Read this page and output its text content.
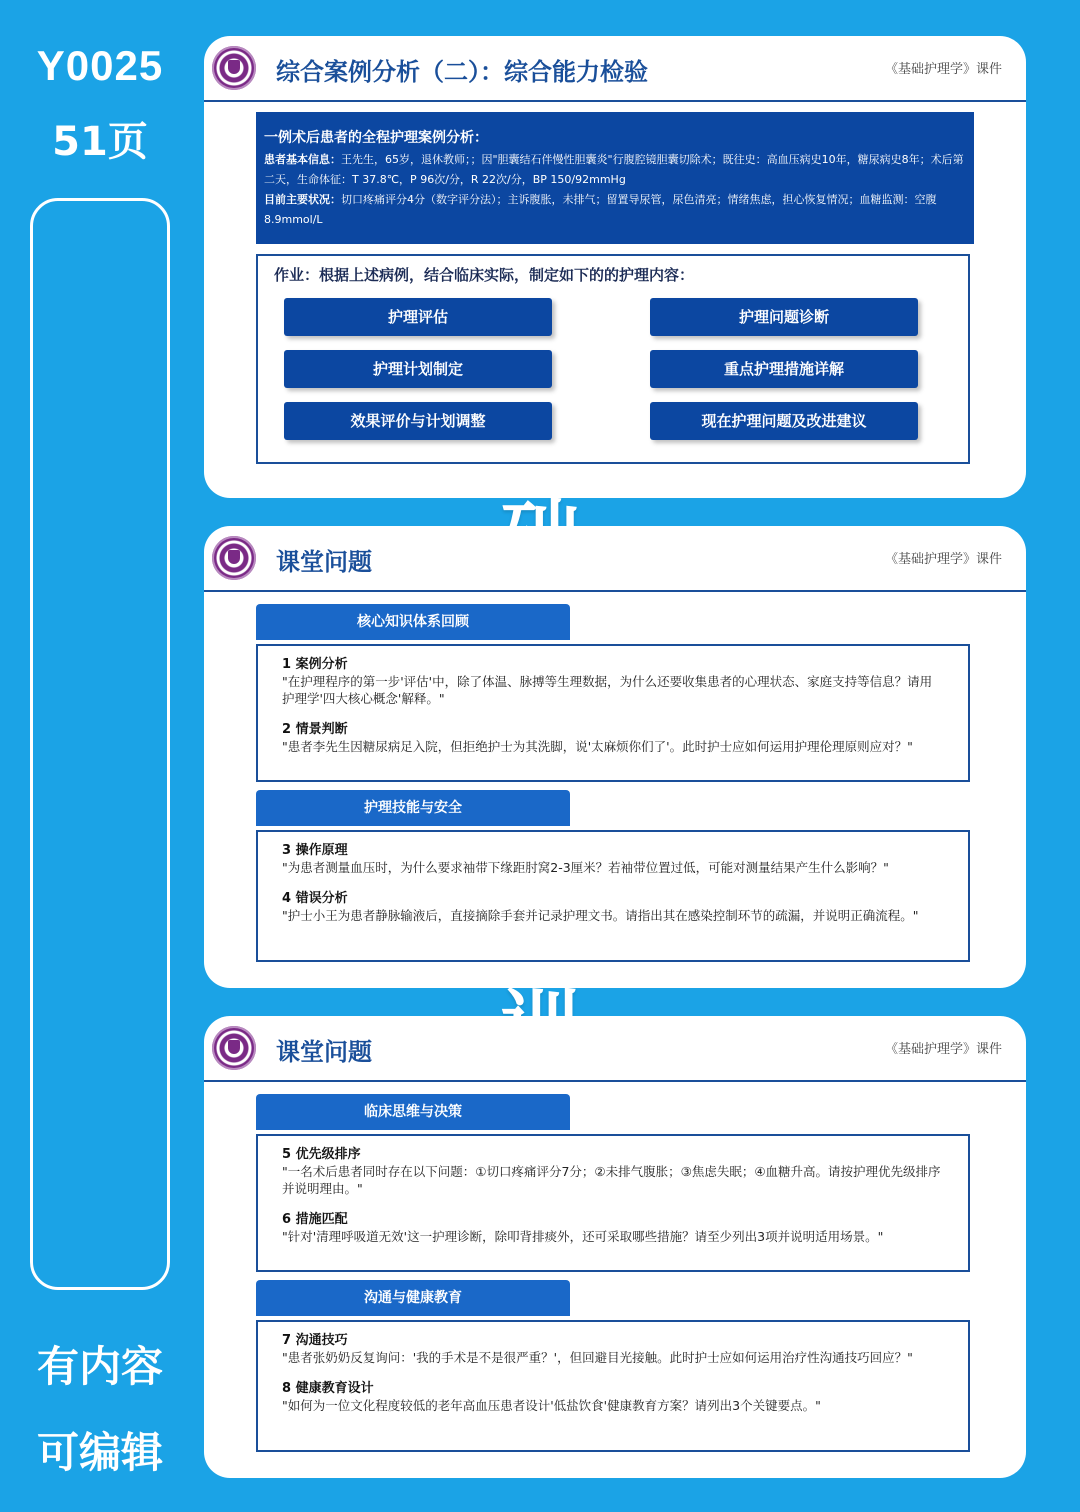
Y0025
51页
有内容
可编辑
综合案例分析（二）：综合能力检验	《基础护理学》课件
一例术后患者的全程护理案例分析：
患者基本信息：王先生，65岁，退休教师；；因"胆囊结石伴慢性胆囊炎"行腹腔镜胆囊切除术；既往史：高血压病史10年，糖尿病史8年；术后第二天，生命体征：T 37.8℃，P 96次/分，R 22次/分，BP 150/92mmHg
目前主要状况：切口疼痛评分4分（数字评分法）；主诉腹胀，未排气；留置导尿管，尿色清亮；情绪焦虑，担心恢复情况；血糖监测：空腹8.9mmol/L
作业：根据上述病例，结合临床实际，制定如下的的护理内容：
护理评估	护理问题诊断
护理计划制定	重点护理措施详解
效果评价与计划调整	现在护理问题及改进建议
课堂问题	《基础护理学》课件
核心知识体系回顾
1 案例分析
"在护理程序的第一步'评估'中，除了体温、脉搏等生理数据，为什么还要收集患者的心理状态、家庭支持等信息？请用护理学'四大核心概念'解释。"
2 情景判断
"患者李先生因糖尿病足入院，但拒绝护士为其洗脚，说'太麻烦你们了'。此时护士应如何运用护理伦理原则应对？"
护理技能与安全
3 操作原理
"为患者测量血压时，为什么要求袖带下缘距肘窝2-3厘米？若袖带位置过低，可能对测量结果产生什么影响？"
4 错误分析
"护士小王为患者静脉输液后，直接摘除手套并记录护理文书。请指出其在感染控制环节的疏漏，并说明正确流程。"
课堂问题	《基础护理学》课件
临床思维与决策
5 优先级排序
"一名术后患者同时存在以下问题：①切口疼痛评分7分；②未排气腹胀；③焦虑失眠；④血糖升高。请按护理优先级排序并说明理由。"
6 措施匹配
"针对'清理呼吸道无效'这一护理诊断，除叩背排痰外，还可采取哪些措施？请至少列出3项并说明适用场景。"
沟通与健康教育
7 沟通技巧
"患者张奶奶反复询问：'我的手术是不是很严重？'，但回避目光接触。此时护士应如何运用治疗性沟通技巧回应？"
8 健康教育设计
"如何为一位文化程度较低的老年高血压患者设计'低盐饮食'健康教育方案？请列出3个关键要点。"
